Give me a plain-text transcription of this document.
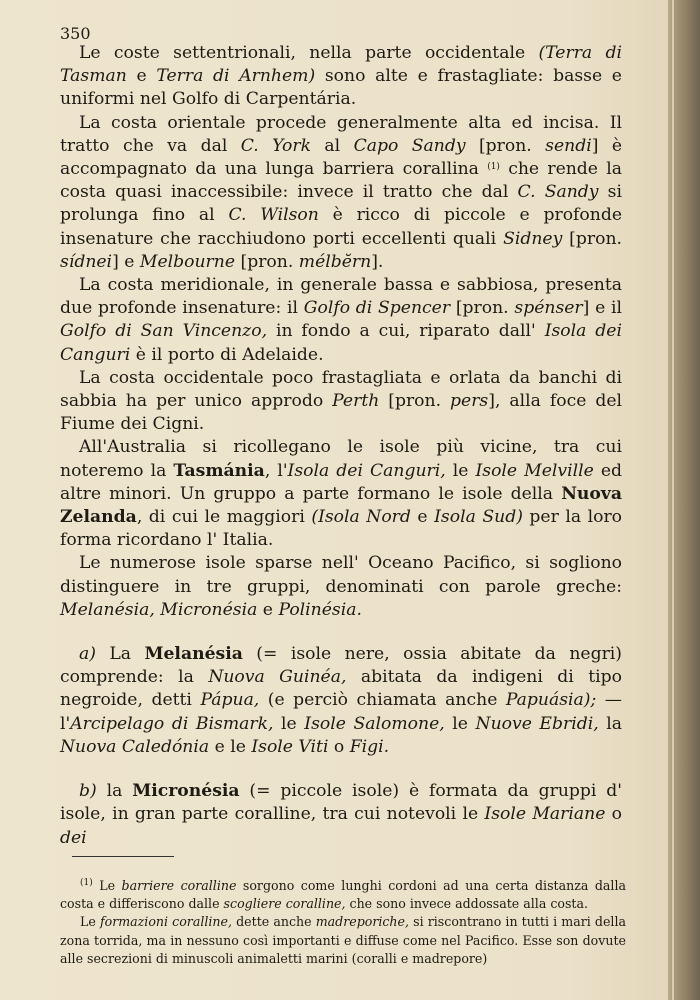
350

Le coste settentrionali, nella parte occidentale (Terra di Tasman e Terra di Arnhem) sono alte e frastagliate: basse e uniformi nel Golfo di Carpentária.

La costa orientale procede generalmente alta ed incisa. Il tratto che va dal C. York al Capo Sandy [pron. sendi] è accompagnato da una lunga barriera corallina $^{(1)}$ che rende la costa quasi inaccessibile: invece il tratto che dal C. Sandy si prolunga fino al C. Wilson è ricco di piccole e profonde insenature che racchiudono porti eccellenti quali Sidney [pron. sídnei] e Melbourne [pron. mélbĕrn].

La costa meridionale, in generale bassa e sabbiosa, presenta due profonde insenature: il Golfo di Spencer [pron. spénser] e il Golfo di San Vincenzo, in fondo a cui, riparato dall' Isola dei Canguri è il porto di Adelaide.

La costa occidentale poco frastagliata e orlata da banchi di sabbia ha per unico approdo Perth [pron. pers], alla foce del Fiume dei Cigni.

All'Australia si ricollegano le isole più vicine, tra cui noteremo la Tasmánia, l'Isola dei Canguri, le Isole Melville ed altre minori. Un gruppo a parte formano le isole della Nuova Zelanda, di cui le maggiori (Isola Nord e Isola Sud) per la loro forma ricordano l' Italia.

Le numerose isole sparse nell' Oceano Pacifico, si sogliono distinguere in tre gruppi, denominati con parole greche: Melanésia, Micronésia e Polinésia.

a) La Melanésia (= isole nere, ossia abitate da negri) comprende: la Nuova Guinéa, abitata da indigeni di tipo negroide, detti Pápua, (e perciò chiamata anche Papuásia); — l'Arcipelago di Bismark, le Isole Salomone, le Nuove Ebridi, la Nuova Caledónia e le Isole Viti o Figi.

b) la Micronésia (= piccole isole) è formata da gruppi d' isole, in gran parte coralline, tra cui notevoli le Isole Mariane o dei

$^{(1)}$ Le barriere coralline sorgono come lunghi cordoni ad una certa distanza dalla costa e differiscono dalle scogliere coralline, che sono invece addossate alla costa.

Le formazioni coralline, dette anche madreporiche, si riscontrano in tutti i mari della zona torrida, ma in nessuno così importanti e diffuse come nel Pacifico. Esse son dovute alle secrezioni di minuscoli animaletti marini (coralli e madrepore)
